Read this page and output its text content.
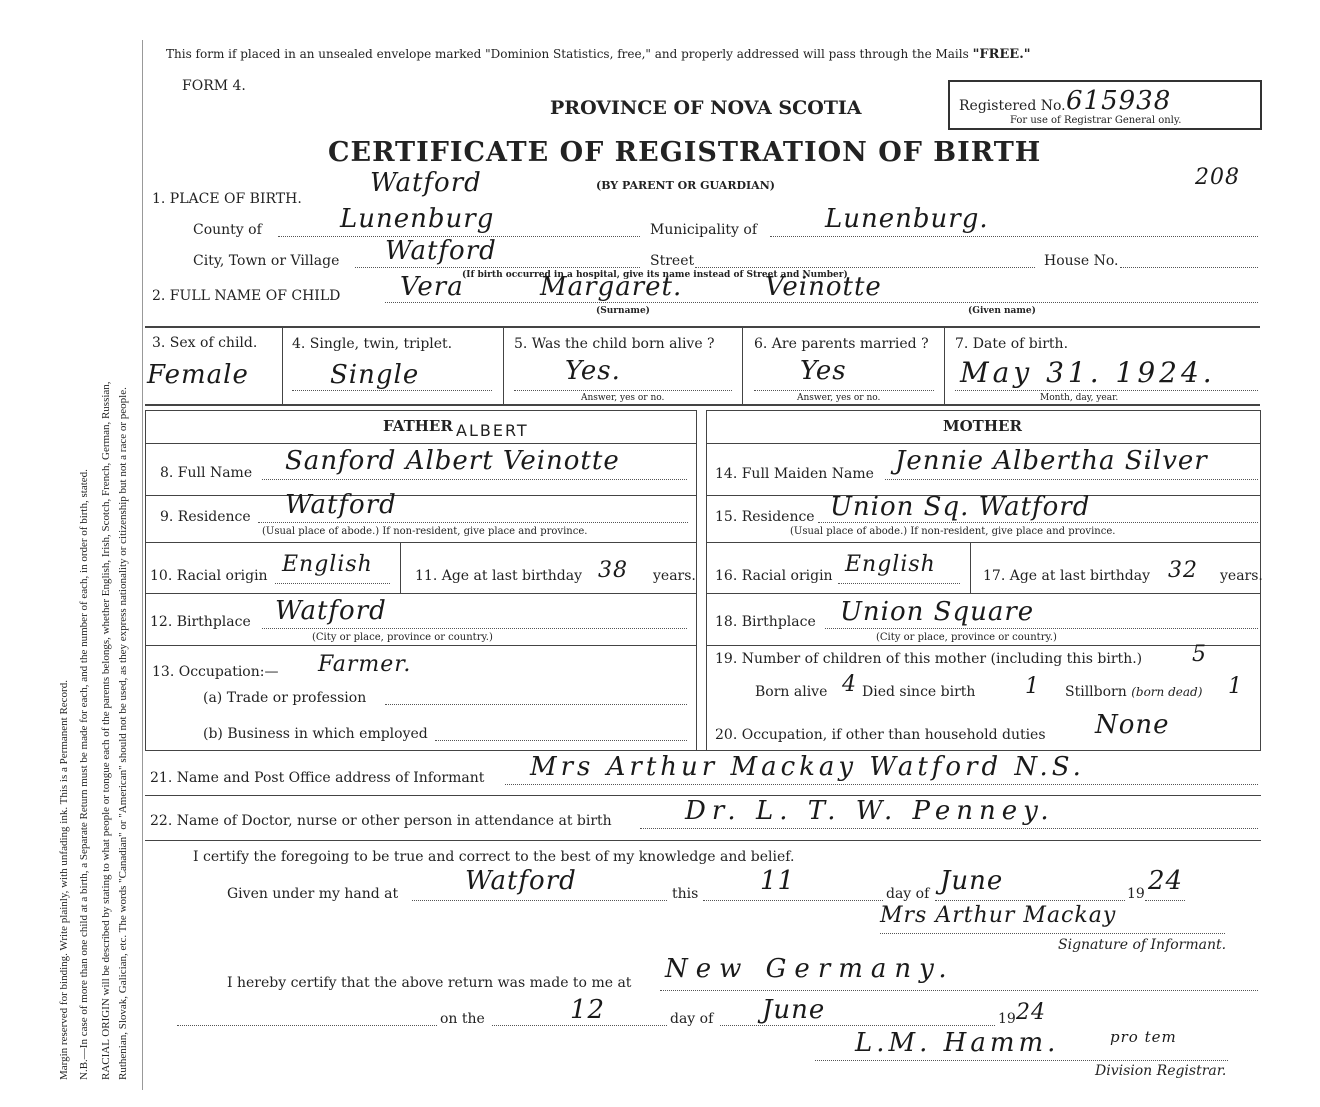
Margin reserved for binding. Write plainly, with unfading ink. This is a Permanent Record. N.B.—In case of more than one child at a birth, a Separate Return must be made for each, and the number of each, in order of birth, stated. RACIAL ORIGIN will be described by stating to what people or tongue each of the parents belongs, whether English, Irish, Scotch, French, German, Russian, Ruthenian, Slovak, Galician, etc. The words "Canadian" or "American" should not be used, as they express nationality or citizenship but not a race or people.
This form if placed in an unsealed envelope marked "Dominion Statistics, free," and properly addressed will pass through the Mails "FREE."
FORM 4.
PROVINCE OF NOVA SCOTIA	Registered No. 615938
For use of Registrar General only.
208
CERTIFICATE OF REGISTRATION OF BIRTH
(BY PARENT OR GUARDIAN)
1. PLACE OF BIRTH.
Watford
County of	Lunenburg	Municipality of	Lunenburg.
City, Town or Village Watford	Street	House No.
(If birth occurred in a hospital, give its name instead of Street and Number)
2. FULL NAME OF CHILD Vera	Margaret.	Veinotte
(Surname)	(Given name)
3. Sex of child.
Female
4. Single, twin, triplet.
Single
5. Was the child born alive ?
Yes.
Answer, yes or no.
6. Are parents married ?
Yes
Answer, yes or no.
7. Date of birth.
May 31. 1924.
Month, day, year.
FATHER ALBERT
8. Full Name Sanford Albert Veinotte
9. Residence Watford
(Usual place of abode.) If non-resident, give place and province.
10. Racial origin English	11. Age at last birthday 38 years.
12. Birthplace Watford
(City or place, province or country.)
13. Occupation:— Farmer.
(a) Trade or profession
(b) Business in which employed
MOTHER
14. Full Maiden Name Jennie Albertha Silver
15. Residence Union Sq. Watford
(Usual place of abode.) If non-resident, give place and province.
16. Racial origin English	17. Age at last birthday 32 years.
18. Birthplace Union Square
(City or place, province or country.)
19. Number of children of this mother (including this birth.) 5
Born alive 4 Died since birth 1 Stillborn (born dead) 1
20. Occupation, if other than household duties None
21. Name and Post Office address of Informant Mrs Arthur Mackay Watford N.S.
22. Name of Doctor, nurse or other person in attendance at birth	Dr. L. T. W. Penney.
I certify the foregoing to be true and correct to the best of my knowledge and belief.
Given under my hand at	Watford	this 11	day of June	19 24
Mrs Arthur Mackay
Signature of Informant.
I hereby certify that the above return was made to me at New Germany.
on the	12	day of June	19 24
L.M. Hamm.	pro tem
Division Registrar.
